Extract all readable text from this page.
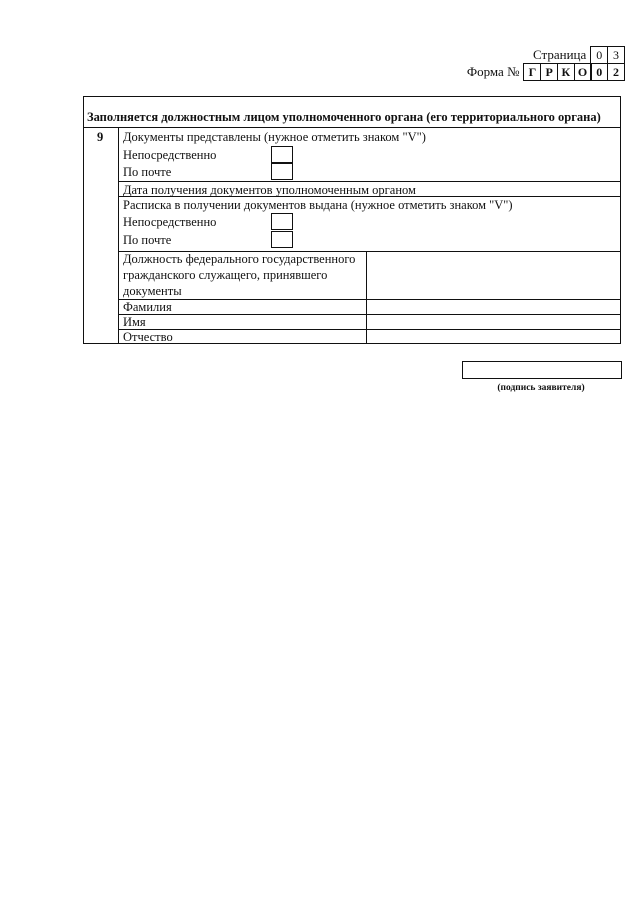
Страница 0 3
Форма № Г Р К О 0 2
Заполняется должностным лицом уполномоченного органа (его территориального органа)
9 Документы представлены (нужное отметить знаком "V")
Непосредственно
По почте
Дата получения документов уполномоченным органом
Расписка в получении документов выдана (нужное отметить знаком "V")
Непосредственно
По почте
Должность федерального государственного
гражданского служащего, принявшего
документы
Фамилия
Имя
Отчество
(подпись заявителя)
